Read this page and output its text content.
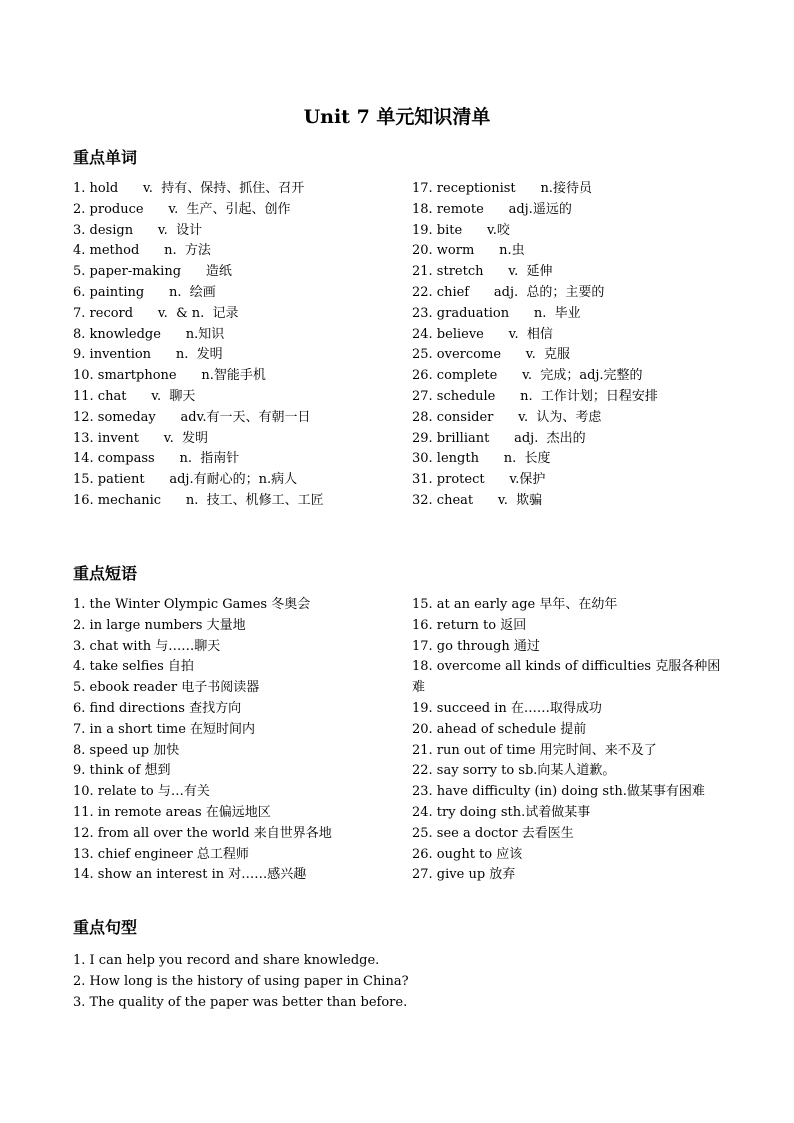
Unit 7 单元知识清单
重点单词
1. hold      v.  持有、保持、抓住、召开
2. produce      v.  生产、引起、创作
3. design      v.  设计
4. method      n.  方法
5. paper-making      造纸
6. painting      n.  绘画
7. record      v.  & n.  记录
8. knowledge      n.知识
9. invention      n.  发明
10. smartphone      n.智能手机
11. chat      v.  聊天
12. someday      adv.有一天、有朝一日
13. invent      v.  发明
14. compass      n.  指南针
15. patient      adj.有耐心的；n.病人
16. mechanic      n.  技工、机修工、工匠
17. receptionist      n.接待员
18. remote      adj.遥远的
19. bite      v.咬
20. worm      n.虫
21. stretch      v.  延伸
22. chief      adj.  总的；主要的
23. graduation      n.  毕业
24. believe      v.  相信
25. overcome      v.  克服
26. complete      v.  完成；adj.完整的
27. schedule      n.  工作计划；日程安排
28. consider      v.  认为、考虑
29. brilliant      adj.  杰出的
30. length      n.  长度
31. protect      v.保护
32. cheat      v.  欺骗
重点短语
1. the Winter Olympic Games 冬奥会
2. in large numbers 大量地
3. chat with 与……聊天
4. take selfies 自拍
5. ebook reader 电子书阅读器
6. find directions 查找方向
7. in a short time 在短时间内
8. speed up 加快
9. think of 想到
10. relate to 与…有关
11. in remote areas 在偏远地区
12. from all over the world 来自世界各地
13. chief engineer 总工程师
14. show an interest in 对……感兴趣
15. at an early age 早年、在幼年
16. return to 返回
17. go through 通过
18. overcome all kinds of difficulties 克服各种困难
19. succeed in 在……取得成功
20. ahead of schedule 提前
21. run out of time 用完时间、来不及了
22. say sorry to sb.向某人道歉。
23. have difficulty (in) doing sth.做某事有困难
24. try doing sth.试着做某事
25. see a doctor 去看医生
26. ought to 应该
27. give up 放弃
重点句型
1. I can help you record and share knowledge.
2. How long is the history of using paper in China?
3. The quality of the paper was better than before.
